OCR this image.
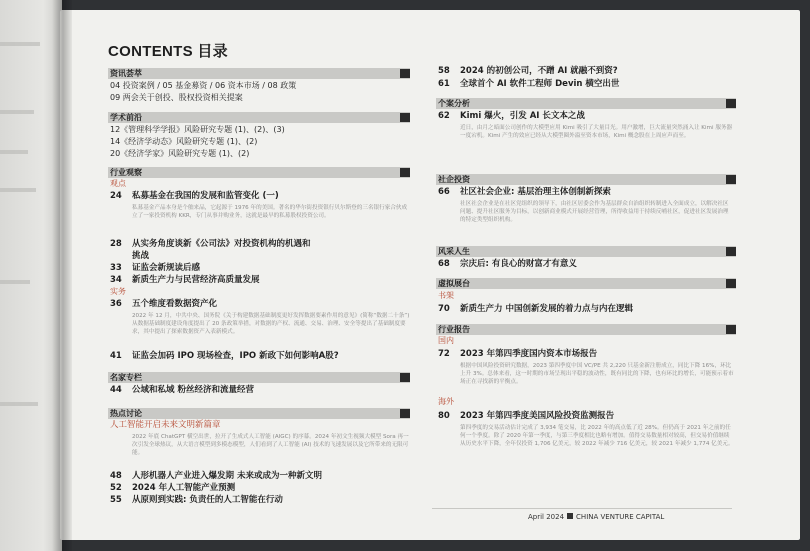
CONTENTS 目录
资讯荟萃
04 投资案例 / 05 基金募资 / 06 资本市场 / 08 政策
09 两会关于创投、股权投资相关提案
学术前沿
12《管理科学学报》风险研究专题 (1)、(2)、(3)
14《经济学动态》风险研究专题 (1)、(2)
20《经济学家》风险研究专题 (1)、(2)
行业观察
观点
24 私募基金在我国的发展和监管变化 (一)
私募基金产品本身是个舶来品，它起源于 1976 年的美国。著名的华尔街投资银行贝尔斯登的三名银行家合伙成立了一家投资机构 KKR，专门从事并购业务，这就是最早的私募股权投资公司。
28 从实务角度谈新《公司法》对投资机构的机遇和
挑战
33 证监会新规读后感
34 新质生产力与民营经济高质量发展
实务
36 五个维度看数据资产化
2022 年 12 月，中共中央、国务院《关于构建数据基础制度更好发挥数据要素作用的意见》(简称“数据二十条”) 从数据基础制度建设角度提出了 20 条政策举措，对数据的产权、流通、交易、治理、安全等提出了基础制度要求，其中提出了探索数据资产入表新模式。
41 证监会加码 IPO 现场检查，IPO 新政下如何影响A股?
名家专栏
44 公域和私域 粉丝经济和流量经营
热点讨论
人工智能开启未来文明新篇章
2022 年底 ChatGPT 横空出世，拉开了生成式人工智能 (AIGC) 的序幕。2024 年初文生视频大模型 Sora 再一次引发全球热议，从大语言模型到多模态模型，人们看到了人工智能 (AI) 技术的飞速发展以及它所带来的无限可能。
48 人形机器人产业进入爆发期 未来或成为一种新文明
52 2024 年人工智能产业预测
55 从原则到实践: 负责任的人工智能在行动
58 2024 的初创公司，不蹭 AI 就融不到资?
61 全球首个 AI 软件工程师 Devin 横空出世
个案分析
62 Kimi 爆火，引发 AI 长文本之战
近日，由月之暗面公司创作的大模型应用 Kimi 吸引了大量目光。用户激增，巨大流量突然涌入让 Kimi 服务器一度宕机。Kimi 产生的效应已经从大模型圈外溢至资本市场，Kimi 概念股在上周应声而至。
社企投资
66 社区社会企业: 基层治理主体创制新探索
社区社会企业是在社区党组织的领导下，由社区居委会作为基层群众自治组织转制进入全面成立，以解决社区问题、提升社区服务为目标，以创新商业模式开展经营管理，所得收益用于持续反哺社区，促进社区发展治理的特定类型组织机构。
风采人生
68 宗庆后: 有良心的财富才有意义
虚拟展台
书架
70 新质生产力 中国创新发展的着力点与内在逻辑
行业报告
国内
72 2023 年第四季度国内资本市场报告
根据中国风险投资研究数据，2023 第四季度中国 VC/PE 共 2,220 只基金新注册成立，同比下降 16%，环比上升 3%。总体来看，这一时期的市场呈现出平稳的波动性，既有同比的下降，也有环比的增长，可能预示着市场正在寻找新的平衡点。
海外
80 2023 年第四季度美国风险投资监测报告
第四季度的交易活动估计完成了 3,934 笔交易，比 2022 年的高点低了近 28%。但仍高于 2021 年之前的任何一个季度。除了 2020 年第一季度，与第三季度相比也略有增加。值得交易数量相对较高，但交易价值继续从历史水平下降，全年仅投资 1,706 亿美元，较 2022 年减少 716 亿美元，较 2021 年减少 1,774 亿美元。
April 2024 CHINA VENTURE CAPITAL
